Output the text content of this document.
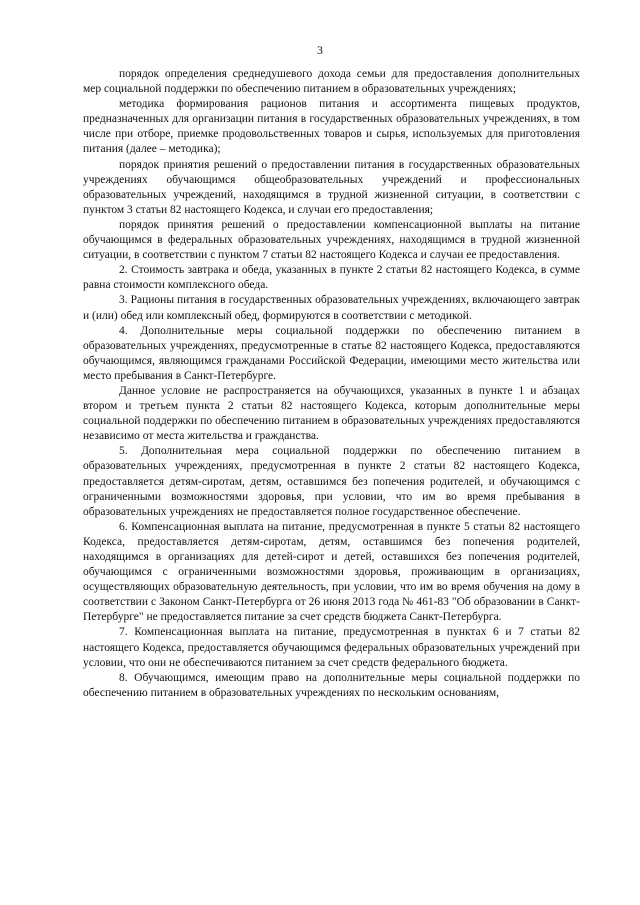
3

порядок определения среднедушевого дохода семьи для предоставления дополнительных мер социальной поддержки по обеспечению питанием в образовательных учреждениях;

методика формирования рационов питания и ассортимента пищевых продуктов, предназначенных для организации питания в государственных образовательных учреждениях, в том числе при отборе, приемке продовольственных товаров и сырья, используемых для приготовления питания (далее – методика);

порядок принятия решений о предоставлении питания в государственных образовательных учреждениях обучающимся общеобразовательных учреждений и профессиональных образовательных учреждений, находящимся в трудной жизненной ситуации, в соответствии с пунктом 3 статьи 82 настоящего Кодекса, и случаи его предоставления;

порядок принятия решений о предоставлении компенсационной выплаты на питание обучающимся в федеральных образовательных учреждениях, находящимся в трудной жизненной ситуации, в соответствии с пунктом 7 статьи 82 настоящего Кодекса и случаи ее предоставления.

2. Стоимость завтрака и обеда, указанных в пункте 2 статьи 82 настоящего Кодекса, в сумме равна стоимости комплексного обеда.

3. Рационы питания в государственных образовательных учреждениях, включающего завтрак и (или) обед или комплексный обед, формируются в соответствии с методикой.

4. Дополнительные меры социальной поддержки по обеспечению питанием в образовательных учреждениях, предусмотренные в статье 82 настоящего Кодекса, предоставляются обучающимся, являющимся гражданами Российской Федерации, имеющими место жительства или место пребывания в Санкт-Петербурге.

Данное условие не распространяется на обучающихся, указанных в пункте 1 и абзацах втором и третьем пункта 2 статьи 82 настоящего Кодекса, которым дополнительные меры социальной поддержки по обеспечению питанием в образовательных учреждениях предоставляются независимо от места жительства и гражданства.

5. Дополнительная мера социальной поддержки по обеспечению питанием в образовательных учреждениях, предусмотренная в пункте 2 статьи 82 настоящего Кодекса, предоставляется детям-сиротам, детям, оставшимся без попечения родителей, и обучающимся с ограниченными возможностями здоровья, при условии, что им во время пребывания в образовательных учреждениях не предоставляется полное государственное обеспечение.

6. Компенсационная выплата на питание, предусмотренная в пункте 5 статьи 82 настоящего Кодекса, предоставляется детям-сиротам, детям, оставшимся без попечения родителей, находящимся в организациях для детей-сирот и детей, оставшихся без попечения родителей, обучающимся с ограниченными возможностями здоровья, проживающим в организациях, осуществляющих образовательную деятельность, при условии, что им во время обучения на дому в соответствии с Законом Санкт-Петербурга от 26 июня 2013 года № 461-83 "Об образовании в Санкт-Петербурге" не предоставляется питание за счет средств бюджета Санкт-Петербурга.

7. Компенсационная выплата на питание, предусмотренная в пунктах 6 и 7 статьи 82 настоящего Кодекса, предоставляется обучающимся федеральных образовательных учреждений при условии, что они не обеспечиваются питанием за счет средств федерального бюджета.

8. Обучающимся, имеющим право на дополнительные меры социальной поддержки по обеспечению питанием в образовательных учреждениях по нескольким основаниям,
